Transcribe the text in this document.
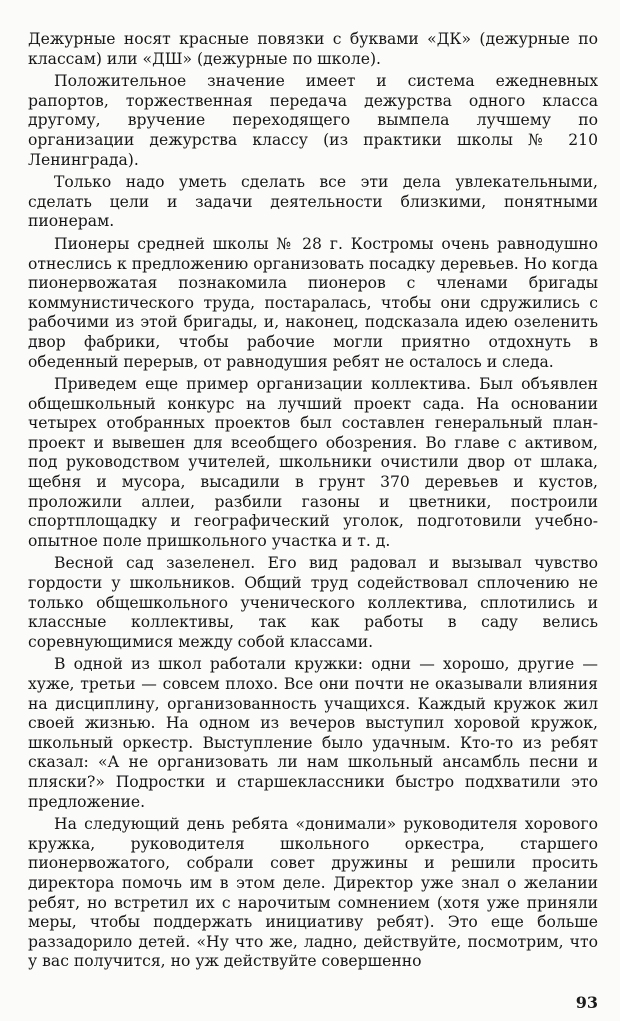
Дежурные носят красные повязки с буквами «ДК» (дежурные по классам) или «ДШ» (дежурные по школе).

Положительное значение имеет и система ежедневных рапортов, торжественная передача дежурства одного класса другому, вручение переходящего вымпела лучшему по организации дежурства классу (из практики школы № 210 Ленинграда).

Только надо уметь сделать все эти дела увлекательными, сделать цели и задачи деятельности близкими, понятными пионерам.

Пионеры средней школы № 28 г. Костромы очень равнодушно отнеслись к предложению организовать посадку деревьев. Но когда пионервожатая познакомила пионеров с членами бригады коммунистического труда, постаралась, чтобы они сдружились с рабочими из этой бригады, и, наконец, подсказала идею озеленить двор фабрики, чтобы рабочие могли приятно отдохнуть в обеденный перерыв, от равнодушия ребят не осталось и следа.

Приведем еще пример организации коллектива. Был объявлен общешкольный конкурс на лучший проект сада. На основании четырех отобранных проектов был составлен генеральный план-проект и вывешен для всеобщего обозрения. Во главе с активом, под руководством учителей, школьники очистили двор от шлака, щебня и мусора, высадили в грунт 370 деревьев и кустов, проложили аллеи, разбили газоны и цветники, построили спортплощадку и географический уголок, подготовили учебно-опытное поле пришкольного участка и т. д.

Весной сад зазеленел. Его вид радовал и вызывал чувство гордости у школьников. Общий труд содействовал сплочению не только общешкольного ученического коллектива, сплотились и классные коллективы, так как работы в саду велись соревнующимися между собой классами.

В одной из школ работали кружки: одни — хорошо, другие — хуже, третьи — совсем плохо. Все они почти не оказывали влияния на дисциплину, организованность учащихся. Каждый кружок жил своей жизнью. На одном из вечеров выступил хоровой кружок, школьный оркестр. Выступление было удачным. Кто-то из ребят сказал: «А не организовать ли нам школьный ансамбль песни и пляски?» Подростки и старшеклассники быстро подхватили это предложение.

На следующий день ребята «донимали» руководителя хорового кружка, руководителя школьного оркестра, старшего пионервожатого, собрали совет дружины и решили просить директора помочь им в этом деле. Директор уже знал о желании ребят, но встретил их с нарочитым сомнением (хотя уже приняли меры, чтобы поддержать инициативу ребят). Это еще больше раззадорило детей. «Ну что же, ладно, действуйте, посмотрим, что у вас получится, но уж действуйте совершенно

93
